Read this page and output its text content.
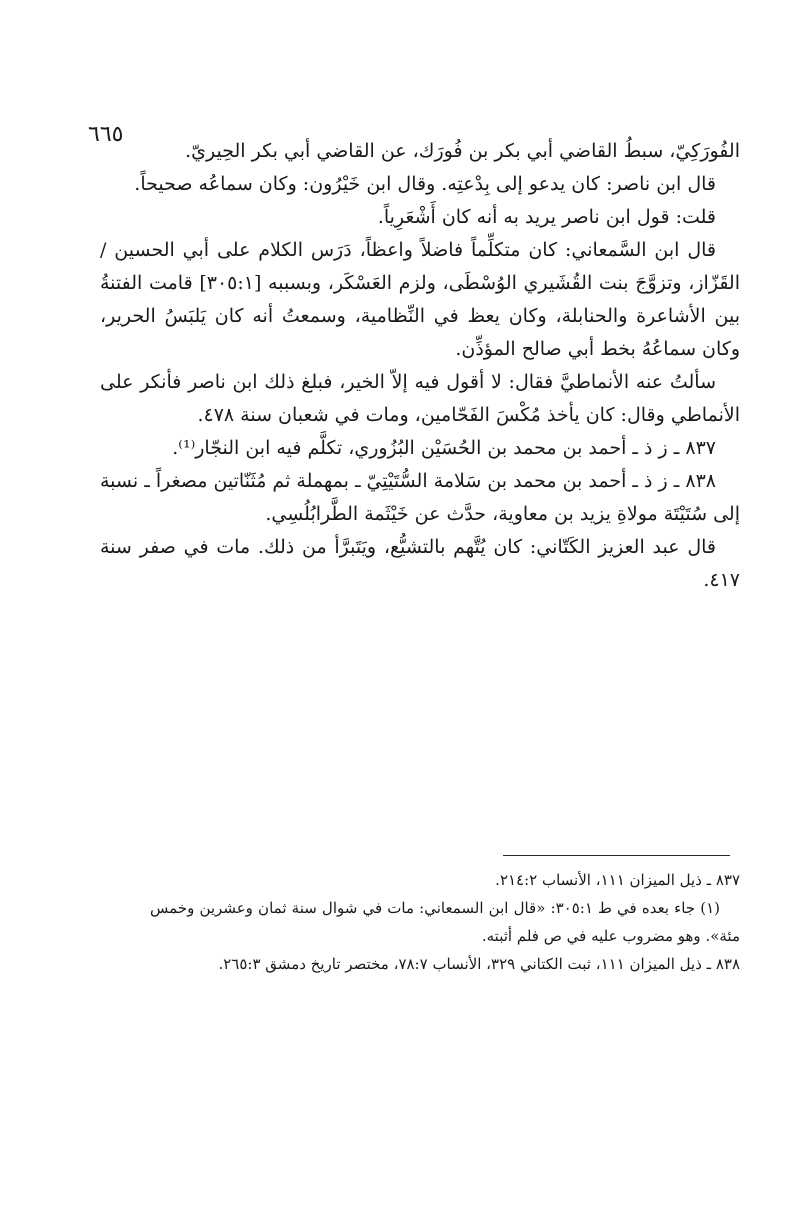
٦٦٥

الفُورَكِيّ، سبطُ القاضي أبي بكر بن فُورَك، عن القاضي أبي بكر الحِيريّ.

قال ابن ناصر: كان يدعو إلى بِدْعتِه. وقال ابن خَيْرُون: وكان سماعُه صحيحاً.

قلت: قول ابن ناصر يريد به أنه كان أَشْعَرِياً.

قال ابن السَّمعاني: كان متكلِّماً فاضلاً واعظاً، دَرَس الكلام على أبي الحسين / القَزّاز، وتزوَّجَ بنت القُشَيري الوُسْطَى، ولزم العَسْكَر، وبسببه [٣٠٥:١] قامت الفتنةُ بين الأشاعرة والحنابلة، وكان يعظ في النِّظامية، وسمعتُ أنه كان يَلبَسُ الحرير، وكان سماعُهُ بخط أبي صالح المؤذِّن.

سألتُ عنه الأنماطيَّ فقال: لا أقول فيه إلاّ الخير، فبلغ ذلك ابن ناصر فأنكر على الأنماطي وقال: كان يأخذ مُكْسَ الفَحّامين، ومات في شعبان سنة ٤٧٨.

٨٣٧ ـ ز ذ ـ أحمد بن محمد بن الحُسَيْن البُزُوري، تكلَّم فيه ابن النجّار⁽¹⁾.

٨٣٨ ـ ز ذ ـ أحمد بن محمد بن سَلامة السُّتَيْتِيّ ـ بمهملة ثم مُثَنّاتين مصغراً ـ نسبة إلى سُتَيْتَة مولاةِ يزيد بن معاوية، حدَّث عن خَيْثَمة الطَّرابُلُسِي.

قال عبد العزيز الكَتّاني: كان يُتَّهم بالتشيُّع، ويَتَبرَّأ من ذلك. مات في صفر سنة ٤١٧.

٨٣٧ ـ ذيل الميزان ١١١، الأنساب ٢١٤:٢.

(١) جاء بعده في ط ٣٠٥:١: «قال ابن السمعاني: مات في شوال سنة ثمان وعشرين وخمس مئة». وهو مضروب عليه في ص فلم أثبته.

٨٣٨ ـ ذيل الميزان ١١١، ثبت الكتاني ٣٢٩، الأنساب ٧٨:٧، مختصر تاريخ دمشق ٢٦٥:٣.
